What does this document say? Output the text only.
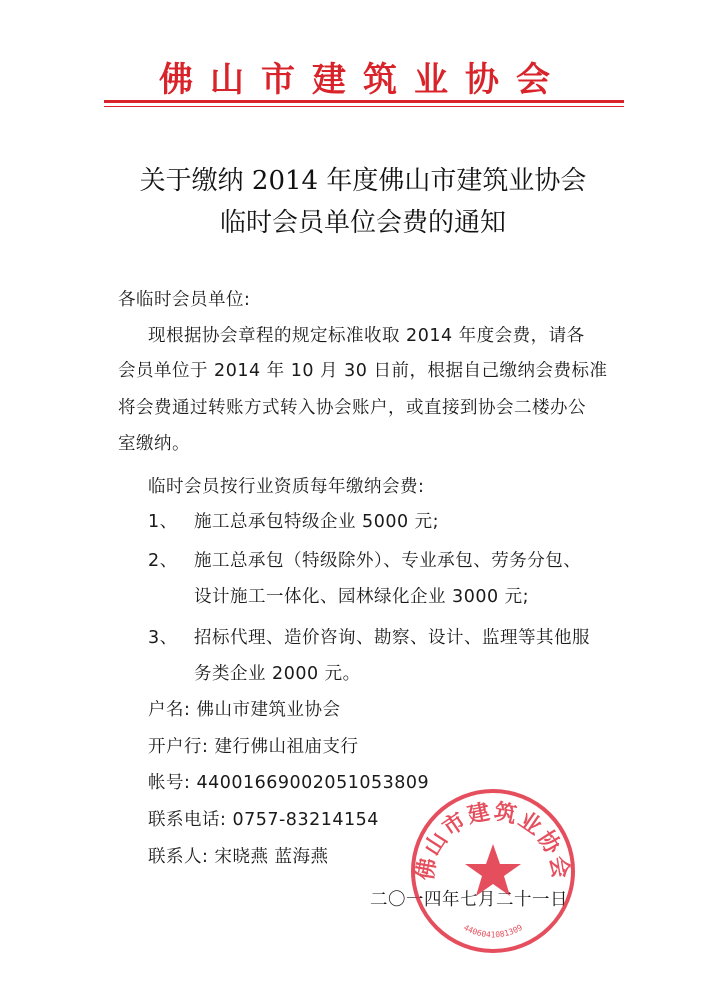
佛山市建筑业协会
关于缴纳 2014 年度佛山市建筑业协会
临时会员单位会费的通知
各临时会员单位:
现根据协会章程的规定标准收取 2014 年度会费，请各
会员单位于 2014 年 10 月 30 日前，根据自己缴纳会费标准
将会费通过转账方式转入协会账户，或直接到协会二楼办公
室缴纳。
临时会员按行业资质每年缴纳会费:
1、 施工总承包特级企业 5000 元;
2、 施工总承包（特级除外）、专业承包、劳务分包、
设计施工一体化、园林绿化企业 3000 元;
3、 招标代理、造价咨询、勘察、设计、监理等其他服
务类企业 2000 元。
户名: 佛山市建筑业协会
开户行: 建行佛山祖庙支行
帐号: 44001669002051053809
联系电话: 0757-83214154
联系人: 宋晓燕 蓝海燕
二〇一四年七月二十一日
佛山市建筑业协会
4406041081309
